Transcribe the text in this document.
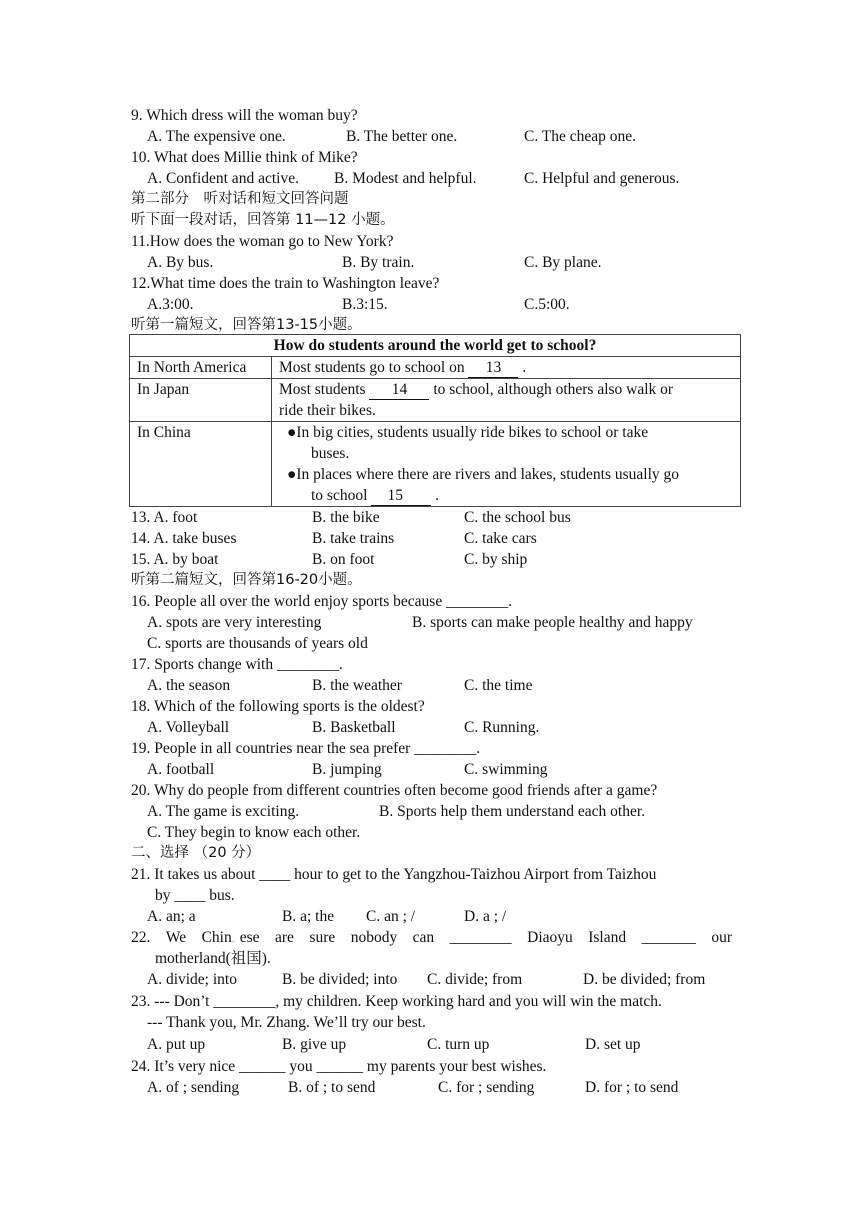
9. Which dress will the woman buy?
A. The expensive one.	B. The better one.	C. The cheap one.
10. What does Millie think of Mike?
A. Confident and active. B. Modest and helpful.	C. Helpful and generous.
第二部分　听对话和短文回答问题
听下面一段对话，回答第 11—12 小题。
11.How does the woman go to New York?
A. By bus.	B. By train.	C. By plane.
12.What time does the train to Washington leave?
A.3:00.	B.3:15.	C.5:00.
听第一篇短文，回答第13-15小题。
How do students around the world get to school?	
In North America	Most students go to school on 13 .
In Japan	Most students 14 to school, although others also walk or
ride their bikes.

In China	●In big cities, students usually ride bikes to school or take
buses.
●In places where there are rivers and lakes, students usually go
to school 15 .
13. A. foot	B. the bike	C. the school bus
14. A. take buses	B. take trains	C. take cars
15. A. by boat	B. on foot	C. by ship
听第二篇短文，回答第16-20小题。
16. People all over the world enjoy sports because ________.
A. spots are very interesting	B. sports can make people healthy and happy
C. sports are thousands of years old
17. Sports change with ________.
A. the season	B. the weather	C. the time
18. Which of the following sports is the oldest?
A. Volleyball	B. Basketball	C. Running.
19. People in all countries near the sea prefer ________.
A. football	B. jumping	C. swimming
20. Why do people from different countries often become good friends after a game?
A. The game is exciting.	B. Sports help them understand each other.
C. They begin to know each other.
二、选择 （20 分）
21. It takes us about ____ hour to get to the Yangzhou-Taizhou Airport from Taizhou
by ____ bus.
A. an; a	B. a; the C. an ; /	D. a ; /
22. We Chin。ese are sure nobody can ________ Diaoyu Island _______ our
motherland(祖国).
A. divide; into	B. be divided; into C. divide; from	D. be divided; from
23. --- Don’t ________, my children. Keep working hard and you will win the match.
--- Thank you, Mr. Zhang. We’ll try our best.
A. put up	B. give up	C. turn up	D. set up
24. It’s very nice ______ you ______ my parents your best wishes.
A. of ; sending	B. of ; to send	C. for ; sending	D. for ; to send
